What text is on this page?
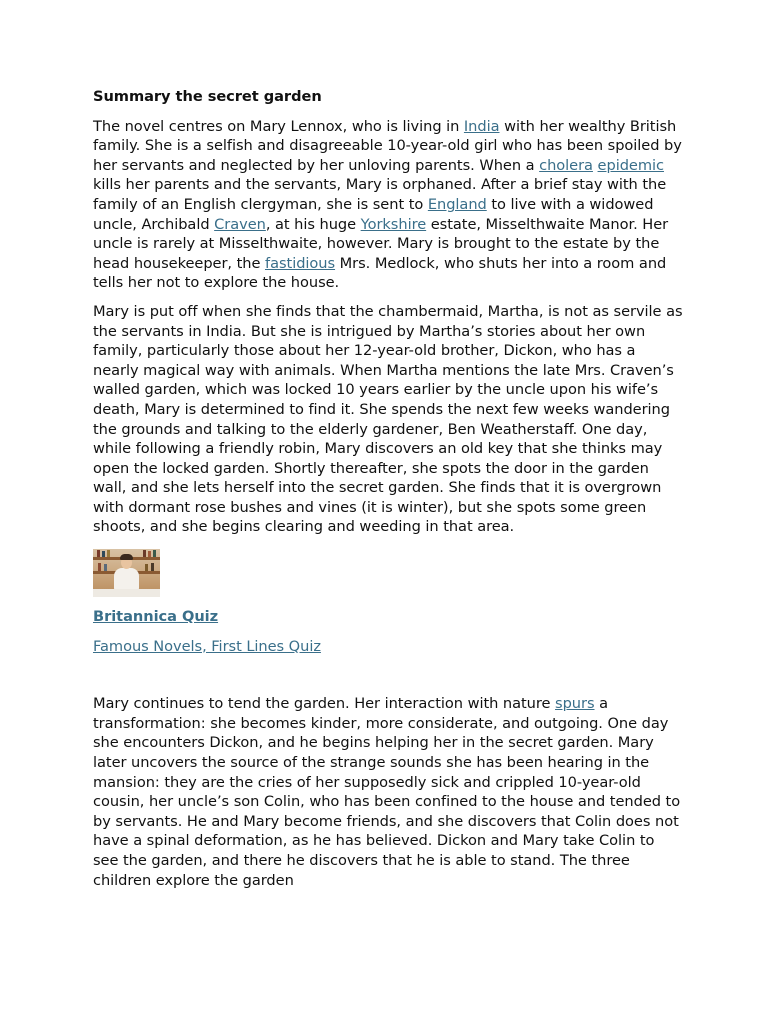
Summary the secret garden

The novel centres on Mary Lennox, who is living in India with her wealthy British family. She is a selfish and disagreeable 10-year-old girl who has been spoiled by her servants and neglected by her unloving parents. When a cholera epidemic kills her parents and the servants, Mary is orphaned. After a brief stay with the family of an English clergyman, she is sent to England to live with a widowed uncle, Archibald Craven, at his huge Yorkshire estate, Misselthwaite Manor. Her uncle is rarely at Misselthwaite, however. Mary is brought to the estate by the head housekeeper, the fastidious Mrs. Medlock, who shuts her into a room and tells her not to explore the house.

Mary is put off when she finds that the chambermaid, Martha, is not as servile as the servants in India. But she is intrigued by Martha’s stories about her own family, particularly those about her 12-year-old brother, Dickon, who has a nearly magical way with animals. When Martha mentions the late Mrs. Craven’s walled garden, which was locked 10 years earlier by the uncle upon his wife’s death, Mary is determined to find it. She spends the next few weeks wandering the grounds and talking to the elderly gardener, Ben Weatherstaff. One day, while following a friendly robin, Mary discovers an old key that she thinks may open the locked garden. Shortly thereafter, she spots the door in the garden wall, and she lets herself into the secret garden. She finds that it is overgrown with dormant rose bushes and vines (it is winter), but she spots some green shoots, and she begins clearing and weeding in that area.

Britannica Quiz
Famous Novels, First Lines Quiz

Mary continues to tend the garden. Her interaction with nature spurs a transformation: she becomes kinder, more considerate, and outgoing. One day she encounters Dickon, and he begins helping her in the secret garden. Mary later uncovers the source of the strange sounds she has been hearing in the mansion: they are the cries of her supposedly sick and crippled 10-year-old cousin, her uncle’s son Colin, who has been confined to the house and tended to by servants. He and Mary become friends, and she discovers that Colin does not have a spinal deformation, as he has believed. Dickon and Mary take Colin to see the garden, and there he discovers that he is able to stand. The three children explore the garden
